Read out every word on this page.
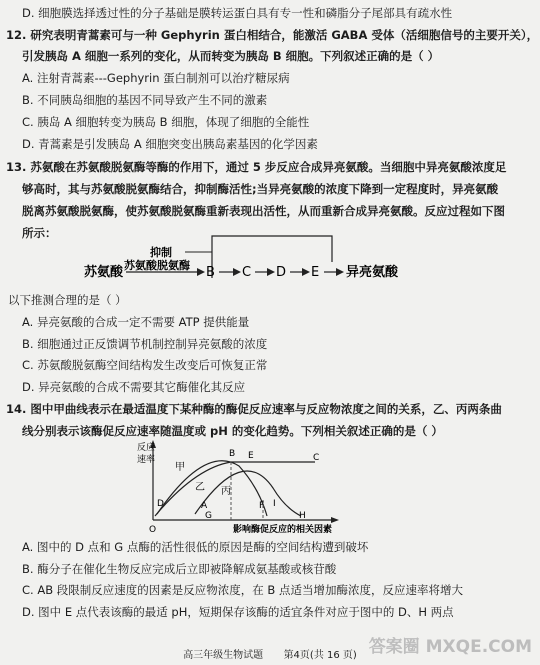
D. 细胞膜选择透过性的分子基础是膜转运蛋白具有专一性和磷脂分子尾部具有疏水性
12. 研究表明青蒿素可与一种 Gephyrin 蛋白相结合，能激活 GABA 受体（活细胞信号的主要开关），
引发胰岛 A 细胞一系列的变化，从而转变为胰岛 B 细胞。下列叙述正确的是（ ）
A. 注射青蒿素---Gephyrin 蛋白制剂可以治疗糖尿病
B. 不同胰岛细胞的基因不同导致产生不同的激素
C. 胰岛 A 细胞转变为胰岛 B 细胞，体现了细胞的全能性
D. 青蒿素是引发胰岛 A 细胞突变出胰岛素基因的化学因素
13. 苏氨酸在苏氨酸脱氨酶等酶的作用下，通过 5 步反应合成异亮氨酸。当细胞中异亮氨酸浓度足
够高时，其与苏氨酸脱氨酶结合，抑制酶活性;当异亮氨酸的浓度下降到一定程度时，异亮氨酸
脱离苏氨酸脱氨酶，使苏氨酸脱氨酶重新表现出活性，从而重新合成异亮氨酸。反应过程如下图
所示：
抑制
苏氨酸 苏氨酸脱氨酶 B C D E 异亮氨酸
以下推测合理的是（ ）
A. 异亮氨酸的合成一定不需要 ATP 提供能量
B. 细胞通过正反馈调节机制控制异亮氨酸的浓度
C. 苏氨酸脱氨酶空间结构发生改变后可恢复正常
D. 异亮氨酸的合成不需要其它酶催化其反应
14. 图中甲曲线表示在最适温度下某种酶的酶促反应速率与反应物浓度之间的关系，乙、丙两条曲
线分别表示该酶促反应速率随温度或 pH 的变化趋势。下列相关叙述正确的是（ ）
反应
速率
O	影响酶促反应的相关因素
甲
乙 丙
A
B	C
D
E
F
G	H
I
A. 图中的 D 点和 G 点酶的活性很低的原因是酶的空间结构遭到破坏
B. 酶分子在催化生物反应完成后立即被降解成氨基酸或核苷酸
C. AB 段限制反应速度的因素是反应物浓度，在 B 点适当增加酶浓度，反应速率将增大
D. 图中 E 点代表该酶的最适 pH，短期保存该酶的适宜条件对应于图中的 D、H 两点
高三年级生物试题 第4页(共 16 页) 答案圈 MXQE.COM
